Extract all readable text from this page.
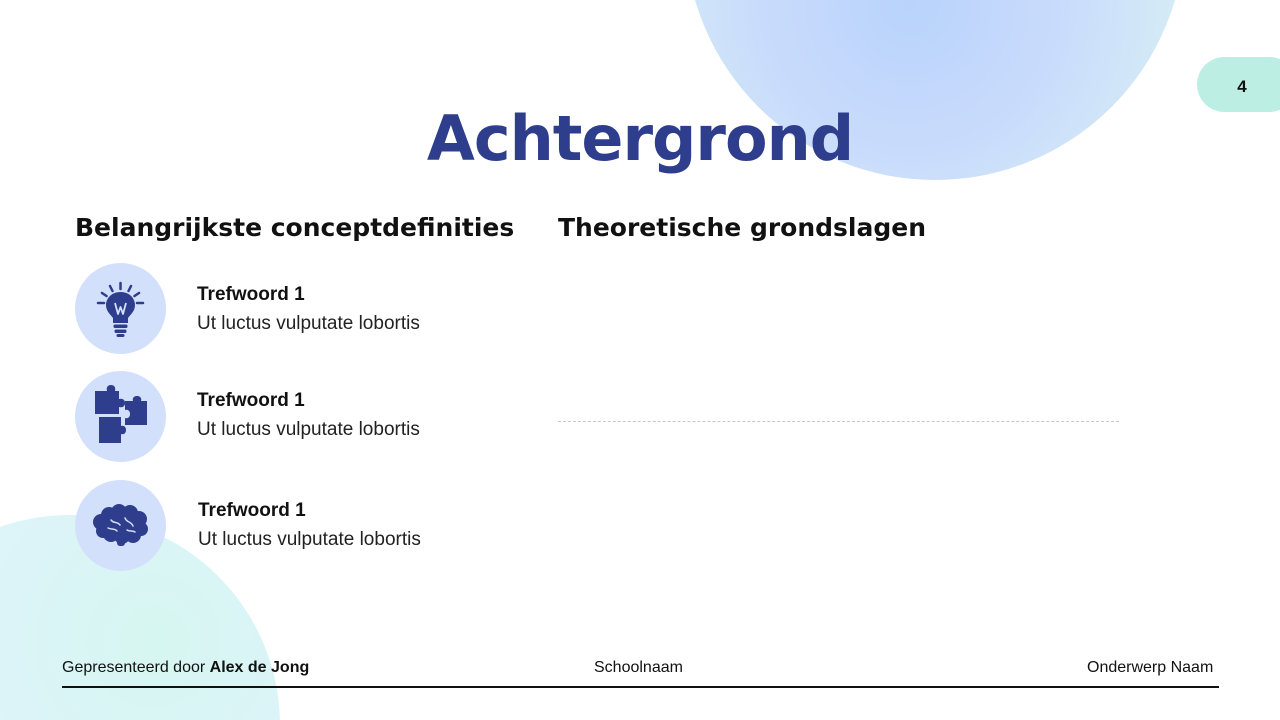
4
Achtergrond
Belangrijkste conceptdefinities Theoretische grondslagen
Trefwoord 1
Ut luctus vulputate lobortis
Trefwoord 1
Ut luctus vulputate lobortis
Trefwoord 1
Ut luctus vulputate lobortis
Gepresenteerd door Alex de Jong	Schoolnaam	Onderwerp Naam
